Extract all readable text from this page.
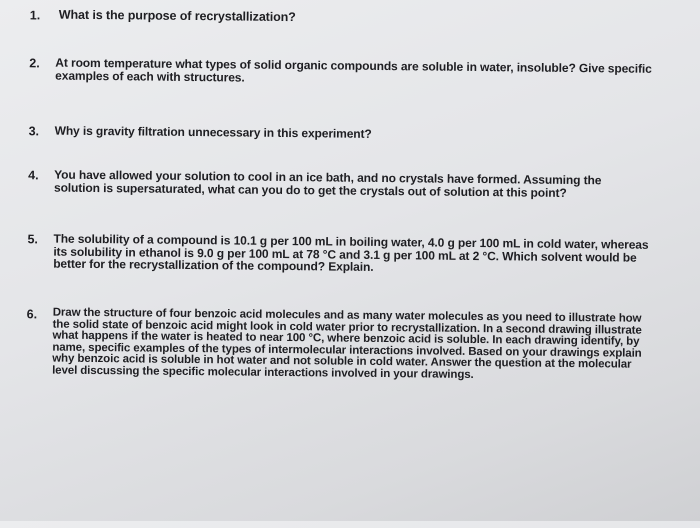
1.	What is the purpose of recrystallization?
2.	At room temperature what types of solid organic compounds are soluble in water, insoluble? Give specific examples of each with structures.
3.	Why is gravity filtration unnecessary in this experiment?
4.	You have allowed your solution to cool in an ice bath, and no crystals have formed. Assuming the solution is supersaturated, what can you do to get the crystals out of solution at this point?
5.	The solubility of a compound is 10.1 g per 100 mL in boiling water, 4.0 g per 100 mL in cold water, whereas its solubility in ethanol is 9.0 g per 100 mL at 78 °C and 3.1 g per 100 mL at 2 °C. Which solvent would be better for the recrystallization of the compound? Explain.
6.	Draw the structure of four benzoic acid molecules and as many water molecules as you need to illustrate how the solid state of benzoic acid might look in cold water prior to recrystallization. In a second drawing illustrate what happens if the water is heated to near 100 °C, where benzoic acid is soluble. In each drawing identify, by name, specific examples of the types of intermolecular interactions involved. Based on your drawings explain why benzoic acid is soluble in hot water and not soluble in cold water. Answer the question at the molecular level discussing the specific molecular interactions involved in your drawings.
